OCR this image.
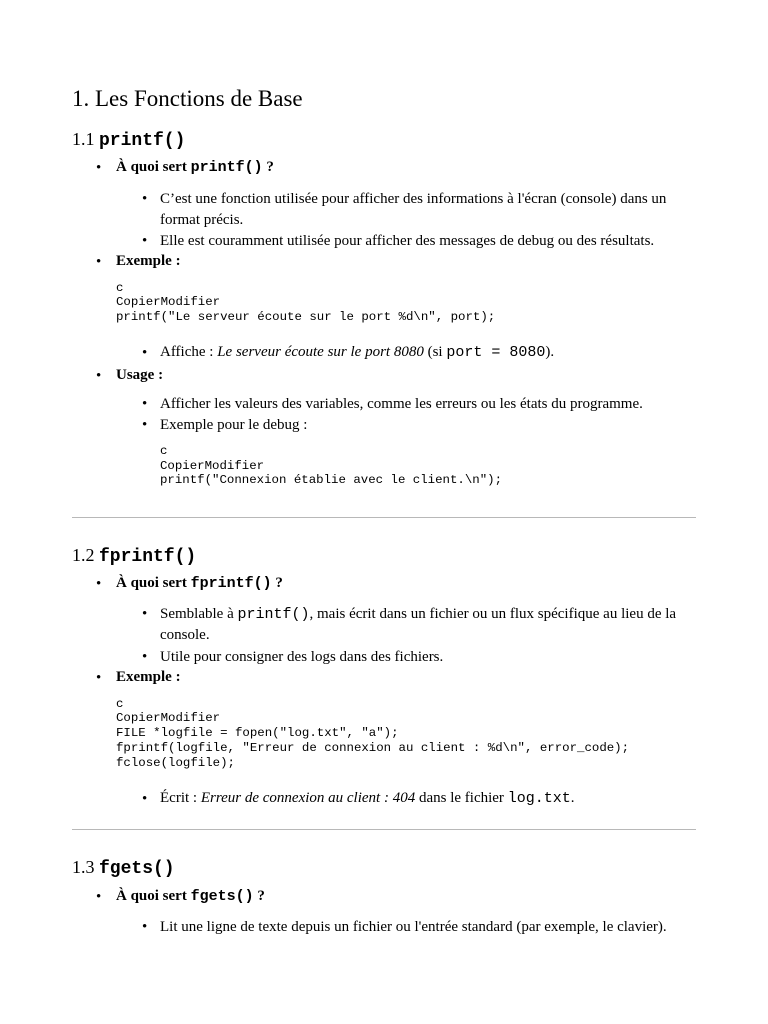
1. Les Fonctions de Base
1.1 printf()
• À quoi sert printf() ?
• C’est une fonction utilisée pour afficher des informations à l'écran (console) dans un format précis.
• Elle est couramment utilisée pour afficher des messages de debug ou des résultats.
• Exemple :
c
CopierModifier
printf("Le serveur écoute sur le port %d\n", port);
• Affiche : Le serveur écoute sur le port 8080 (si port = 8080).
• Usage :
• Afficher les valeurs des variables, comme les erreurs ou les états du programme.
• Exemple pour le debug :
c
CopierModifier
printf("Connexion établie avec le client.\n");
1.2 fprintf()
• À quoi sert fprintf() ?
• Semblable à printf(), mais écrit dans un fichier ou un flux spécifique au lieu de la console.
• Utile pour consigner des logs dans des fichiers.
• Exemple :
c
CopierModifier
FILE *logfile = fopen("log.txt", "a");
fprintf(logfile, "Erreur de connexion au client : %d\n", error_code);
fclose(logfile);
• Écrit : Erreur de connexion au client : 404 dans le fichier log.txt.
1.3 fgets()
• À quoi sert fgets() ?
• Lit une ligne de texte depuis un fichier ou l'entrée standard (par exemple, le clavier).
